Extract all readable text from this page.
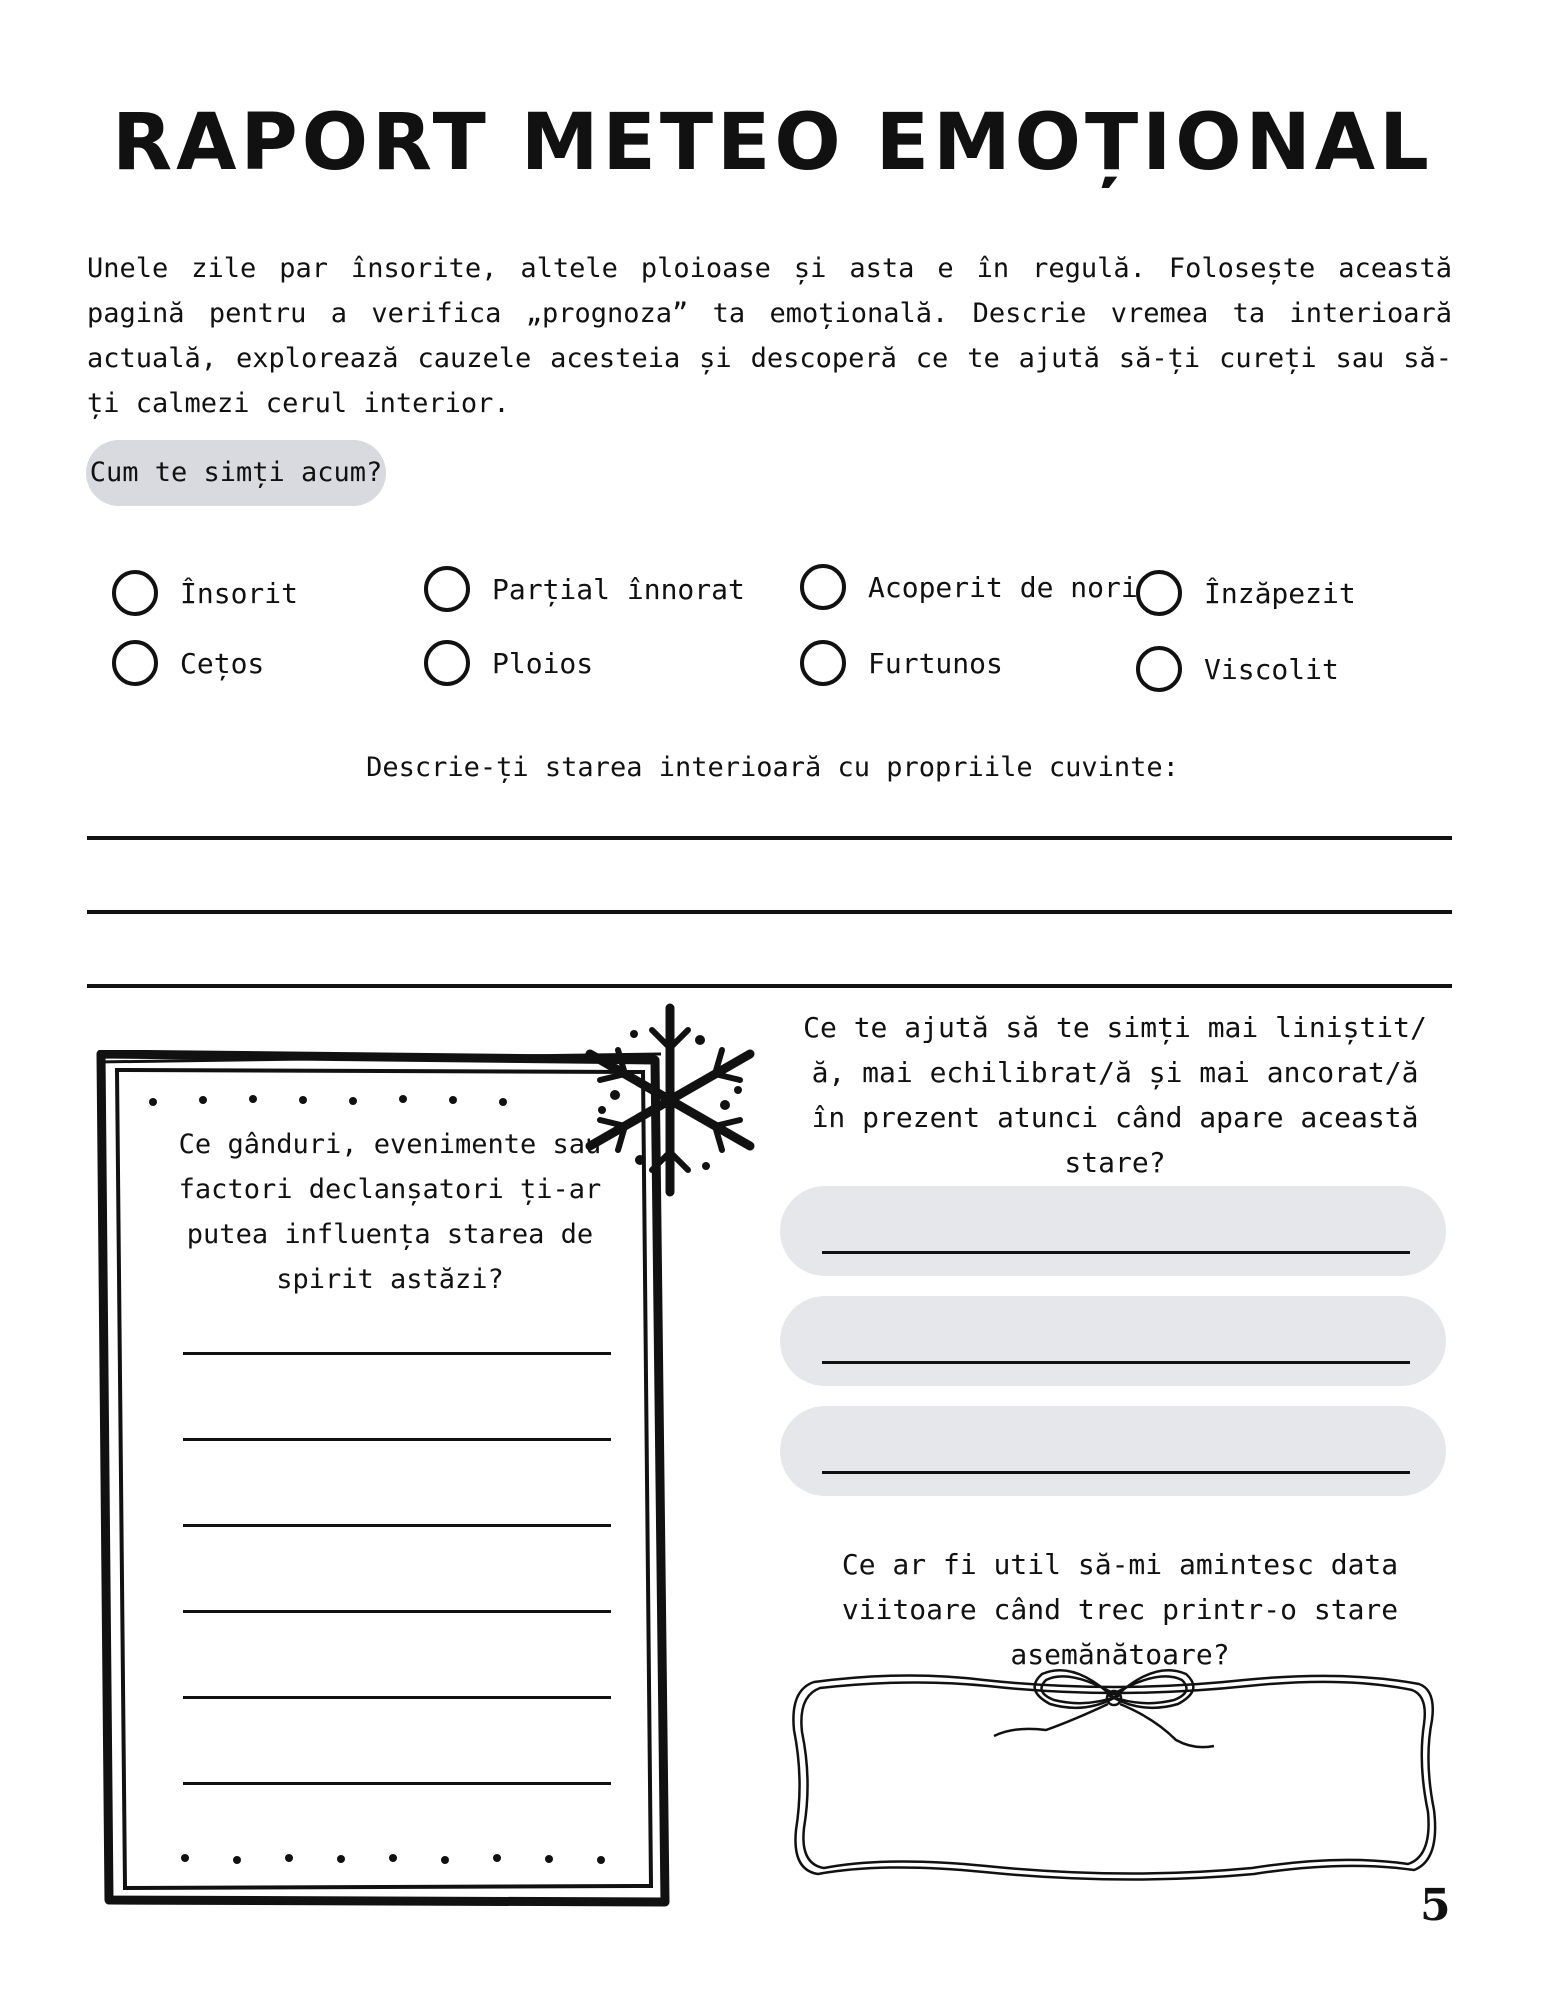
RAPORT METEO EMOȚIONAL
Unele zile par însorite, altele ploioase și asta e în regulă. Folosește această pagină pentru a verifica „prognoza” ta emoțională. Descrie vremea ta interioară actuală, explorează cauzele acesteia și descoperă ce te ajută să-ți cureți sau să-ți calmezi cerul interior.
Cum te simți acum?
Însorit	Parțial înnorat	Acoperit de nori Înzăpezit
Cețos	Ploios	Furtunos	Viscolit
Descrie-ți starea interioară cu propriile cuvinte:
Ce gânduri, evenimente sau factori declanșatori ți-ar putea influența starea de spirit astăzi?
Ce te ajută să te simți mai liniștit/ă, mai echilibrat/ă și mai ancorat/ă în prezent atunci când apare această stare?
Ce ar fi util să-mi amintesc data viitoare când trec printr-o stare asemănătoare?
5
